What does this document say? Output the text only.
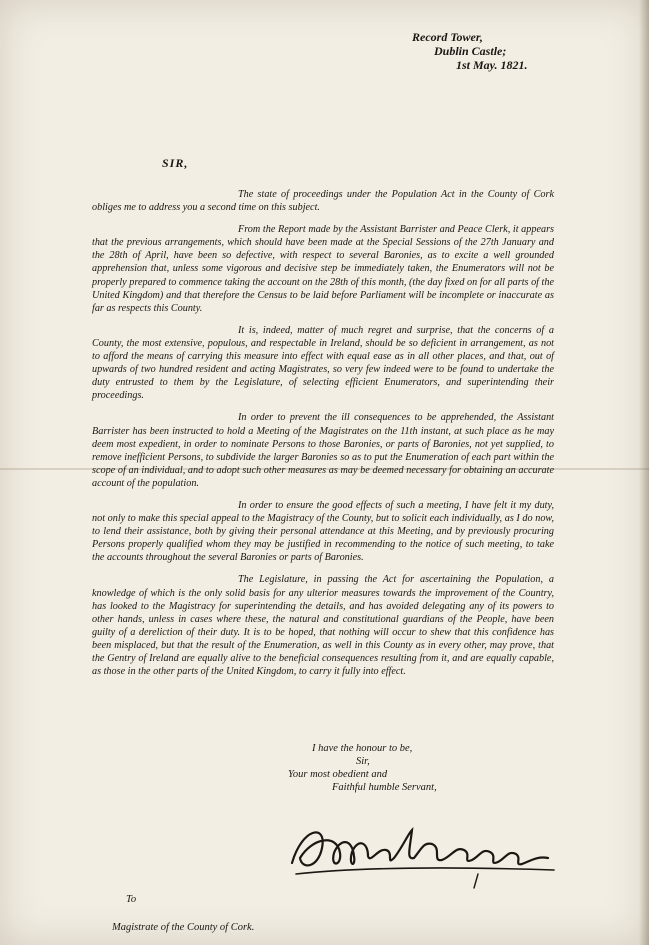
Record Tower,
Dublin Castle;
1st May. 1821.
SIR,

The state of proceedings under the Population Act in the County of Cork obliges me to address you a second time on this subject.

From the Report made by the Assistant Barrister and Peace Clerk, it appears that the previous arrangements, which should have been made at the Special Sessions of the 27th January and the 28th of April, have been so defective, with respect to several Baronies, as to excite a well grounded apprehension that, unless some vigorous and decisive step be immediately taken, the Enumerators will not be properly prepared to commence taking the account on the 28th of this month, (the day fixed on for all parts of the United Kingdom) and that therefore the Census to be laid before Parliament will be incomplete or inaccurate as far as respects this County.

It is, indeed, matter of much regret and surprise, that the concerns of a County, the most extensive, populous, and respectable in Ireland, should be so deficient in arrangement, as not to afford the means of carrying this measure into effect with equal ease as in all other places, and that, out of upwards of two hundred resident and acting Magistrates, so very few indeed were to be found to undertake the duty entrusted to them by the Legislature, of selecting efficient Enumerators, and superintending their proceedings.

In order to prevent the ill consequences to be apprehended, the Assistant Barrister has been instructed to hold a Meeting of the Magistrates on the 11th instant, at such place as he may deem most expedient, in order to nominate Persons to those Baronies, or parts of Baronies, not yet supplied, to remove inefficient Persons, to subdivide the larger Baronies so as to put the Enumeration of each part within the scope of an individual, and to adopt such other measures as may be deemed necessary for obtaining an accurate account of the population.

In order to ensure the good effects of such a meeting, I have felt it my duty, not only to make this special appeal to the Magistracy of the County, but to solicit each individually, as I do now, to lend their assistance, both by giving their personal attendance at this Meeting, and by previously procuring Persons properly qualified whom they may be justified in recommending to the notice of such meeting, to take the accounts throughout the several Baronies or parts of Baronies.

The Legislature, in passing the Act for ascertaining the Population, a knowledge of which is the only solid basis for any ulterior measures towards the improvement of the Country, has looked to the Magistracy for superintending the details, and has avoided delegating any of its powers to other hands, unless in cases where these, the natural and constitutional guardians of the People, have been guilty of a dereliction of their duty. It is to be hoped, that nothing will occur to shew that this confidence has been misplaced, but that the result of the Enumeration, as well in this County as in every other, may prove, that the Gentry of Ireland are equally alive to the beneficial consequences resulting from it, and are equally capable, as those in the other parts of the United Kingdom, to carry it fully into effect.

I have the honour to be,
Sir,
Your most obedient and
Faithful humble Servant,
To
Magistrate of the County of Cork.
